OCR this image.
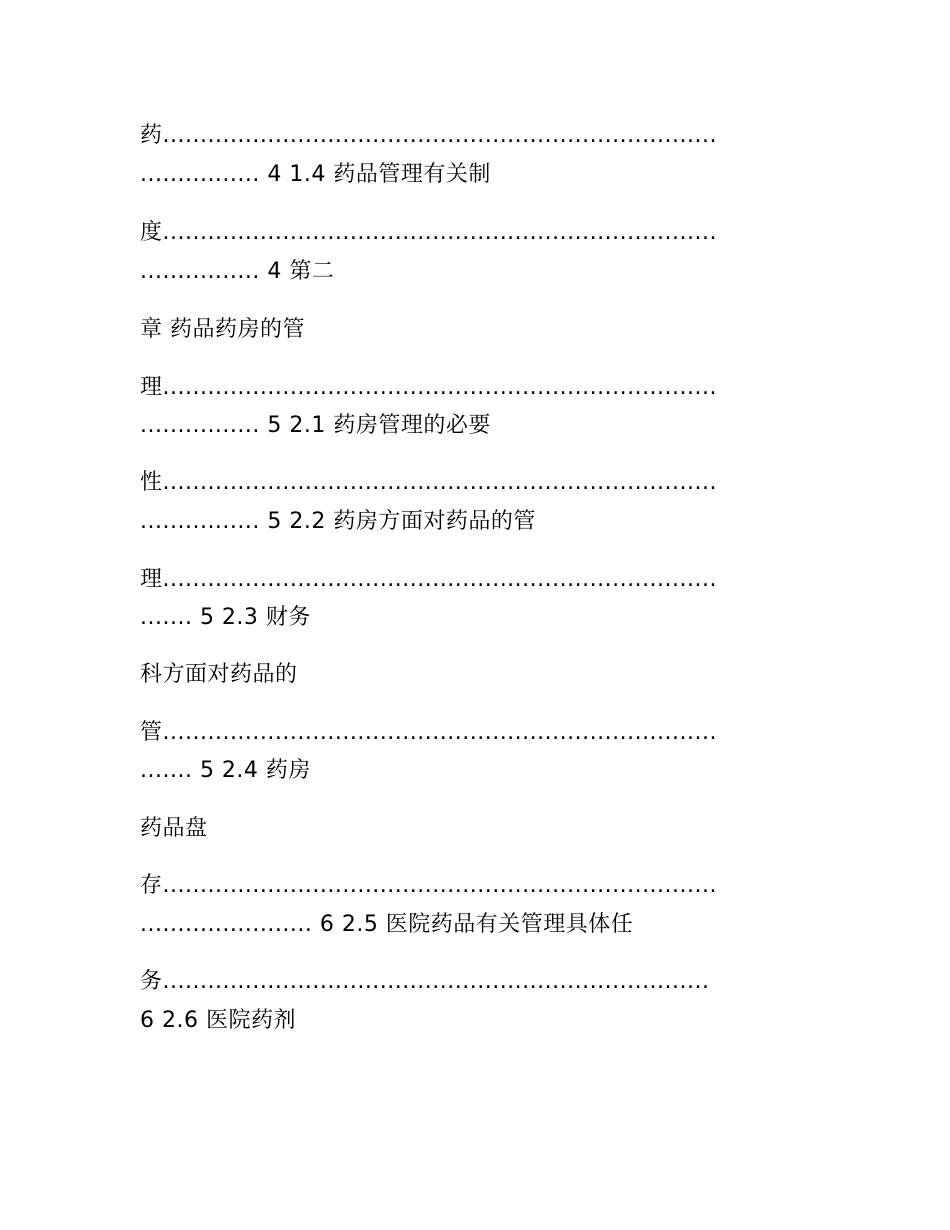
药..........................................................................
................ 4 1.4 药品管理有关制
度..........................................................................
................ 4 第二
章 药品药房的管
理..........................................................................
................ 5 2.1 药房管理的必要
性..........................................................................
................ 5 2.2 药房方面对药品的管
理..........................................................................
....... 5 2.3 财务
科方面对药品的
管..........................................................................
....... 5 2.4 药房
药品盘
存..........................................................................
....................... 6 2.5 医院药品有关管理具体任
务.........................................................................
6 2.6 医院药剂
